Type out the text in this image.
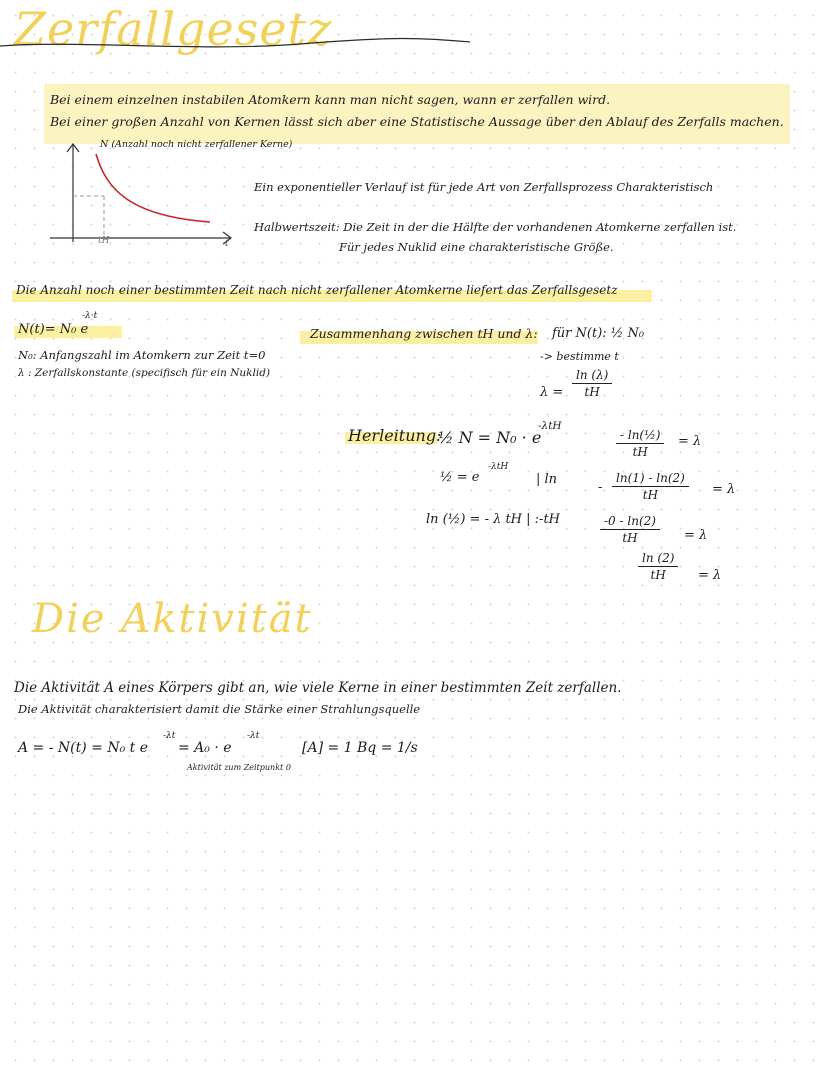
Zerfallgesetz
Bei einem einzelnen instabilen Atomkern kann man nicht sagen, wann er zerfallen wird.
Bei einer großen Anzahl von Kernen lässt sich aber eine Statistische Aussage über den Ablauf des Zerfalls machen.
N (Anzahl noch nicht zerfallener Kerne)
tH	t
Ein exponentieller Verlauf ist für jede Art von Zerfallsprozess Charakteristisch
Halbwertszeit: Die Zeit in der die Hälfte der vorhandenen Atomkerne zerfallen ist.
Für jedes Nuklid eine charakteristische Größe.
Die Anzahl noch einer bestimmten Zeit nach nicht zerfallener Atomkerne liefert das Zerfallsgesetz
N(t)= N₀ e
-λ·t
N₀: Anfangszahl im Atomkern zur Zeit t=0
λ : Zerfallskonstante (specifisch für ein Nuklid)
Zusammenhang zwischen tH und λ: für N(t): ½ N₀
-> bestimme t
$\lambda = \frac{\ln (\lambda)}{tH}$
Herleitung:
½ N = N₀ · e
-λtH
½ = e
-λtH
| ln
ln (½) = - λ tH | :-tH
$\frac{\text{- ln(½)}}{tH} = \lambda$
- $\frac{\ln(1) - \ln(2)}{tH} = \lambda$
$\frac{-0 - \ln(2)}{tH} = \lambda$
$\frac{\ln (2)}{tH} = \lambda$
Die Aktivität
Die Aktivität A eines Körpers gibt an, wie viele Kerne in einer bestimmten Zeit zerfallen.
Die Aktivität charakterisiert damit die Stärke einer Strahlungsquelle
A = - N(t) = N₀ t e
-λt
= A₀ · e
-λt
Aktivität zum Zeitpunkt 0
[A] = 1 Bq = 1/s
